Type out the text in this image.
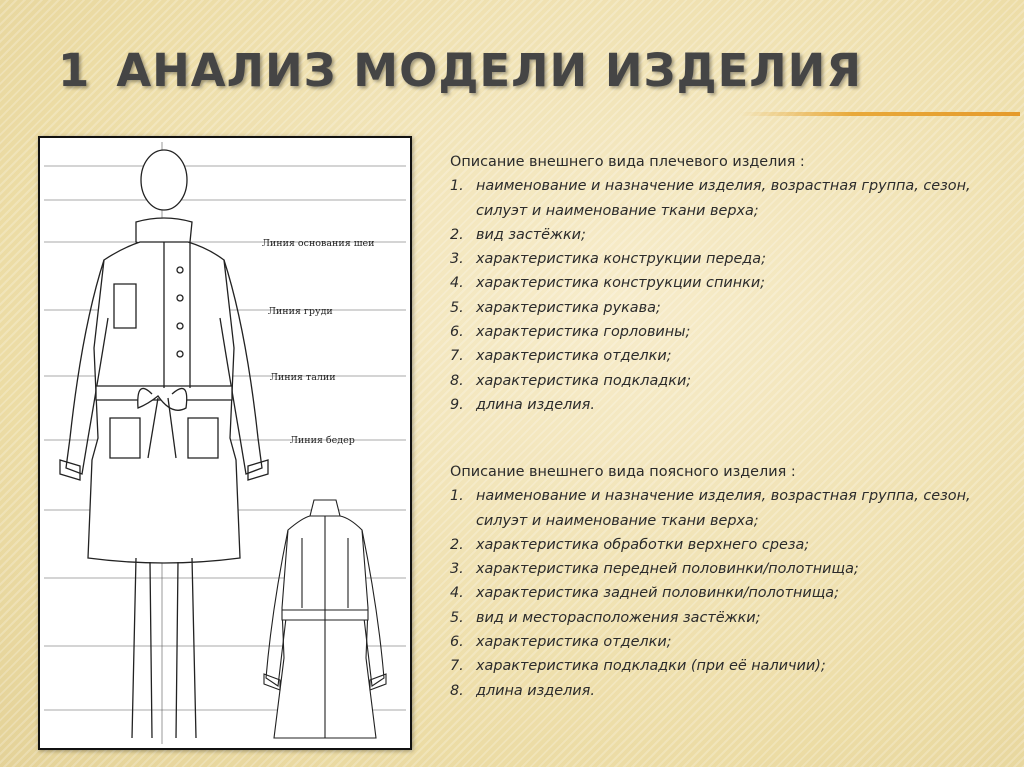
1 АНАЛИЗ МОДЕЛИ ИЗДЕЛИЯ
Линия основания шеи
Линия груди
Линия талии
Линия бедер

Описание внешнего вида плечевого изделия :

1. наименование и назначение изделия, возрастная группа, сезон, силуэт и наименование ткани верха;
2. вид застёжки;
3. характеристика конструкции переда;
4. характеристика конструкции спинки;
5. характеристика рукава;
6. характеристика горловины;
7. характеристика отделки;
8. характеристика подкладки;
9. длина изделия.

Описание внешнего вида поясного изделия :

1. наименование и назначение изделия, возрастная группа, сезон, силуэт и наименование ткани верха;
2. характеристика обработки верхнего среза;
3. характеристика передней половинки/полотнища;
4. характеристика задней половинки/полотнища;
5. вид и месторасположения застёжки;
6. характеристика отделки;
7. характеристика подкладки (при её наличии);
8. длина изделия.
